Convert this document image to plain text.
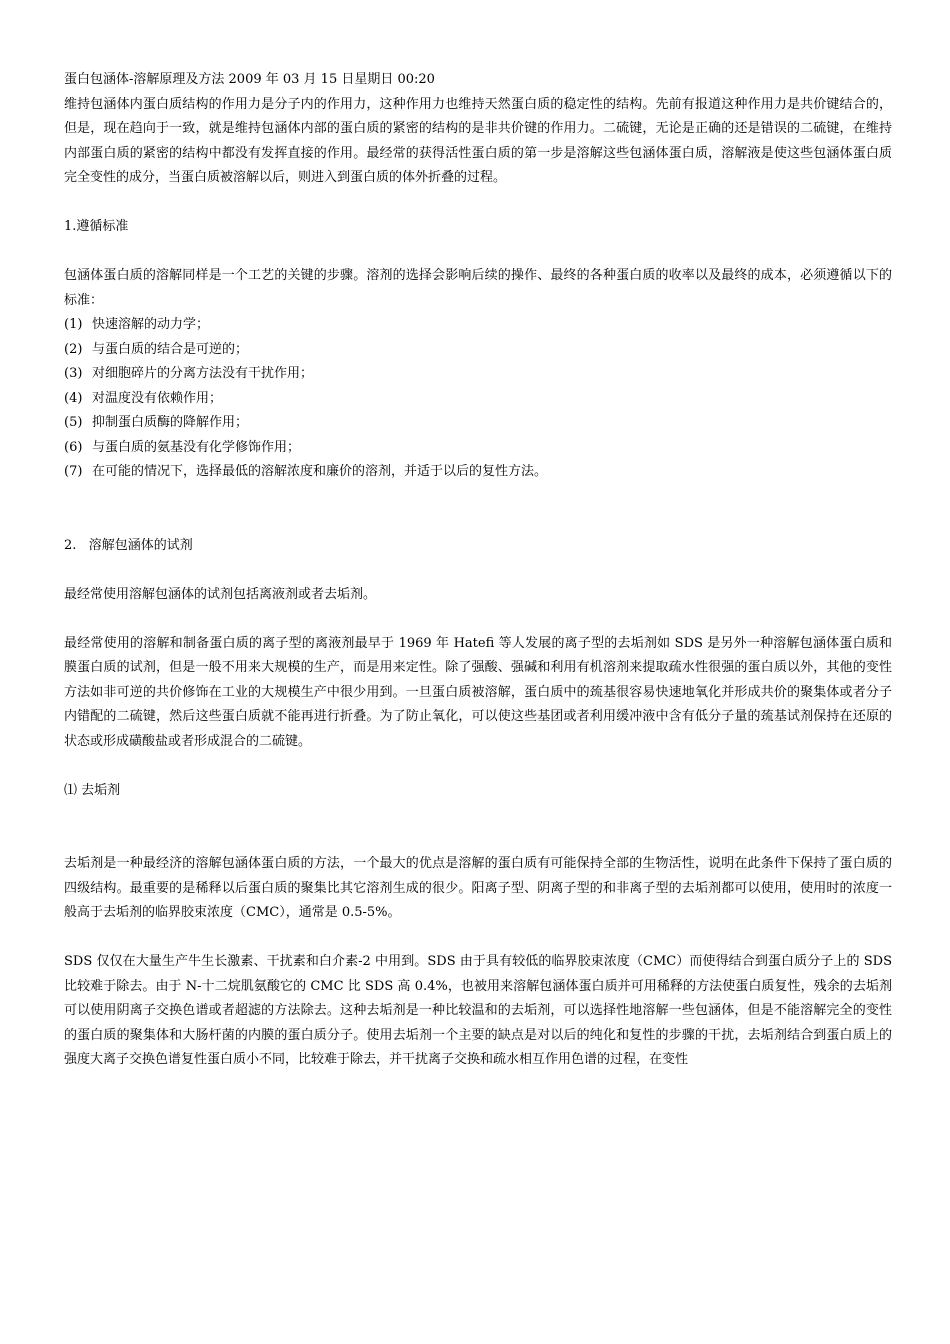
蛋白包涵体-溶解原理及方法 2009 年 03 月 15 日星期日 00:20

维持包涵体内蛋白质结构的作用力是分子内的作用力，这种作用力也维持天然蛋白质的稳定性的结构。先前有报道这种作用力是共价键结合的，但是，现在趋向于一致，就是维持包涵体内部的蛋白质的紧密的结构的是非共价键的作用力。二硫键，无论是正确的还是错误的二硫键，在维持内部蛋白质的紧密的结构中都没有发挥直接的作用。最经常的获得活性蛋白质的第一步是溶解这些包涵体蛋白质，溶解液是使这些包涵体蛋白质完全变性的成分，当蛋白质被溶解以后，则进入到蛋白质的体外折叠的过程。

1.遵循标准

包涵体蛋白质的溶解同样是一个工艺的关键的步骤。溶剂的选择会影响后续的操作、最终的各种蛋白质的收率以及最终的成本，必须遵循以下的标准：

(1) 快速溶解的动力学；

(2) 与蛋白质的结合是可逆的；

(3) 对细胞碎片的分离方法没有干扰作用；

(4) 对温度没有依赖作用；

(5) 抑制蛋白质酶的降解作用；

(6) 与蛋白质的氨基没有化学修饰作用；

(7) 在可能的情况下，选择最低的溶解浓度和廉价的溶剂，并适于以后的复性方法。

2.   溶解包涵体的试剂

最经常使用溶解包涵体的试剂包括离液剂或者去垢剂。

最经常使用的溶解和制备蛋白质的离子型的离液剂最早于 1969 年 Hatefi 等人发展的离子型的去垢剂如 SDS 是另外一种溶解包涵体蛋白质和膜蛋白质的试剂，但是一般不用来大规模的生产，而是用来定性。除了强酸、强碱和利用有机溶剂来提取疏水性很强的蛋白质以外，其他的变性方法如非可逆的共价修饰在工业的大规模生产中很少用到。一旦蛋白质被溶解，蛋白质中的巯基很容易快速地氧化并形成共价的聚集体或者分子内错配的二硫键，然后这些蛋白质就不能再进行折叠。为了防止氧化，可以使这些基团或者利用缓冲液中含有低分子量的巯基试剂保持在还原的状态或形成磺酸盐或者形成混合的二硫键。

⑴ 去垢剂

去垢剂是一种最经济的溶解包涵体蛋白质的方法，一个最大的优点是溶解的蛋白质有可能保持全部的生物活性，说明在此条件下保持了蛋白质的四级结构。最重要的是稀释以后蛋白质的聚集比其它溶剂生成的很少。阳离子型、阴离子型的和非离子型的去垢剂都可以使用，使用时的浓度一般高于去垢剂的临界胶束浓度（CMC），通常是 0.5-5%。

SDS 仅仅在大量生产牛生长激素、干扰素和白介素-2 中用到。SDS 由于具有较低的临界胶束浓度（CMC）而使得结合到蛋白质分子上的 SDS 比较难于除去。由于 N-十二烷肌氨酸它的 CMC 比 SDS 高 0.4%，也被用来溶解包涵体蛋白质并可用稀释的方法使蛋白质复性，残余的去垢剂可以使用阴离子交换色谱或者超滤的方法除去。这种去垢剂是一种比较温和的去垢剂，可以选择性地溶解一些包涵体，但是不能溶解完全的变性的蛋白质的聚集体和大肠杆菌的内膜的蛋白质分子。使用去垢剂一个主要的缺点是对以后的纯化和复性的步骤的干扰，去垢剂结合到蛋白质上的强度大离子交换色谱复性蛋白质小不同，比较难于除去，并干扰离子交换和疏水相互作用色谱的过程，在变性
